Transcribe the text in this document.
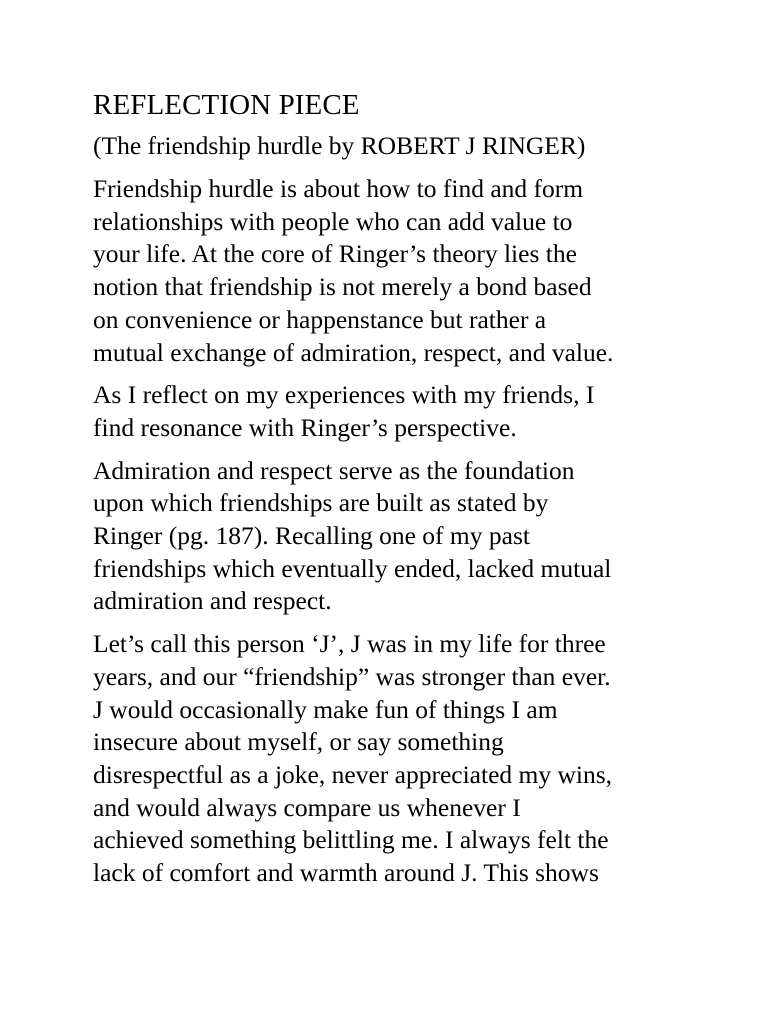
REFLECTION PIECE
(The friendship hurdle by ROBERT J RINGER)
Friendship hurdle is about how to find and form
relationships with people who can add value to
your life. At the core of Ringer’s theory lies the
notion that friendship is not merely a bond based
on convenience or happenstance but rather a
mutual exchange of admiration, respect, and value.
As I reflect on my experiences with my friends, I
find resonance with Ringer’s perspective.
Admiration and respect serve as the foundation
upon which friendships are built as stated by
Ringer (pg. 187). Recalling one of my past
friendships which eventually ended, lacked mutual
admiration and respect.
Let’s call this person ‘J’, J was in my life for three
years, and our “friendship” was stronger than ever.
J would occasionally make fun of things I am
insecure about myself, or say something
disrespectful as a joke, never appreciated my wins,
and would always compare us whenever I
achieved something belittling me. I always felt the
lack of comfort and warmth around J. This shows
